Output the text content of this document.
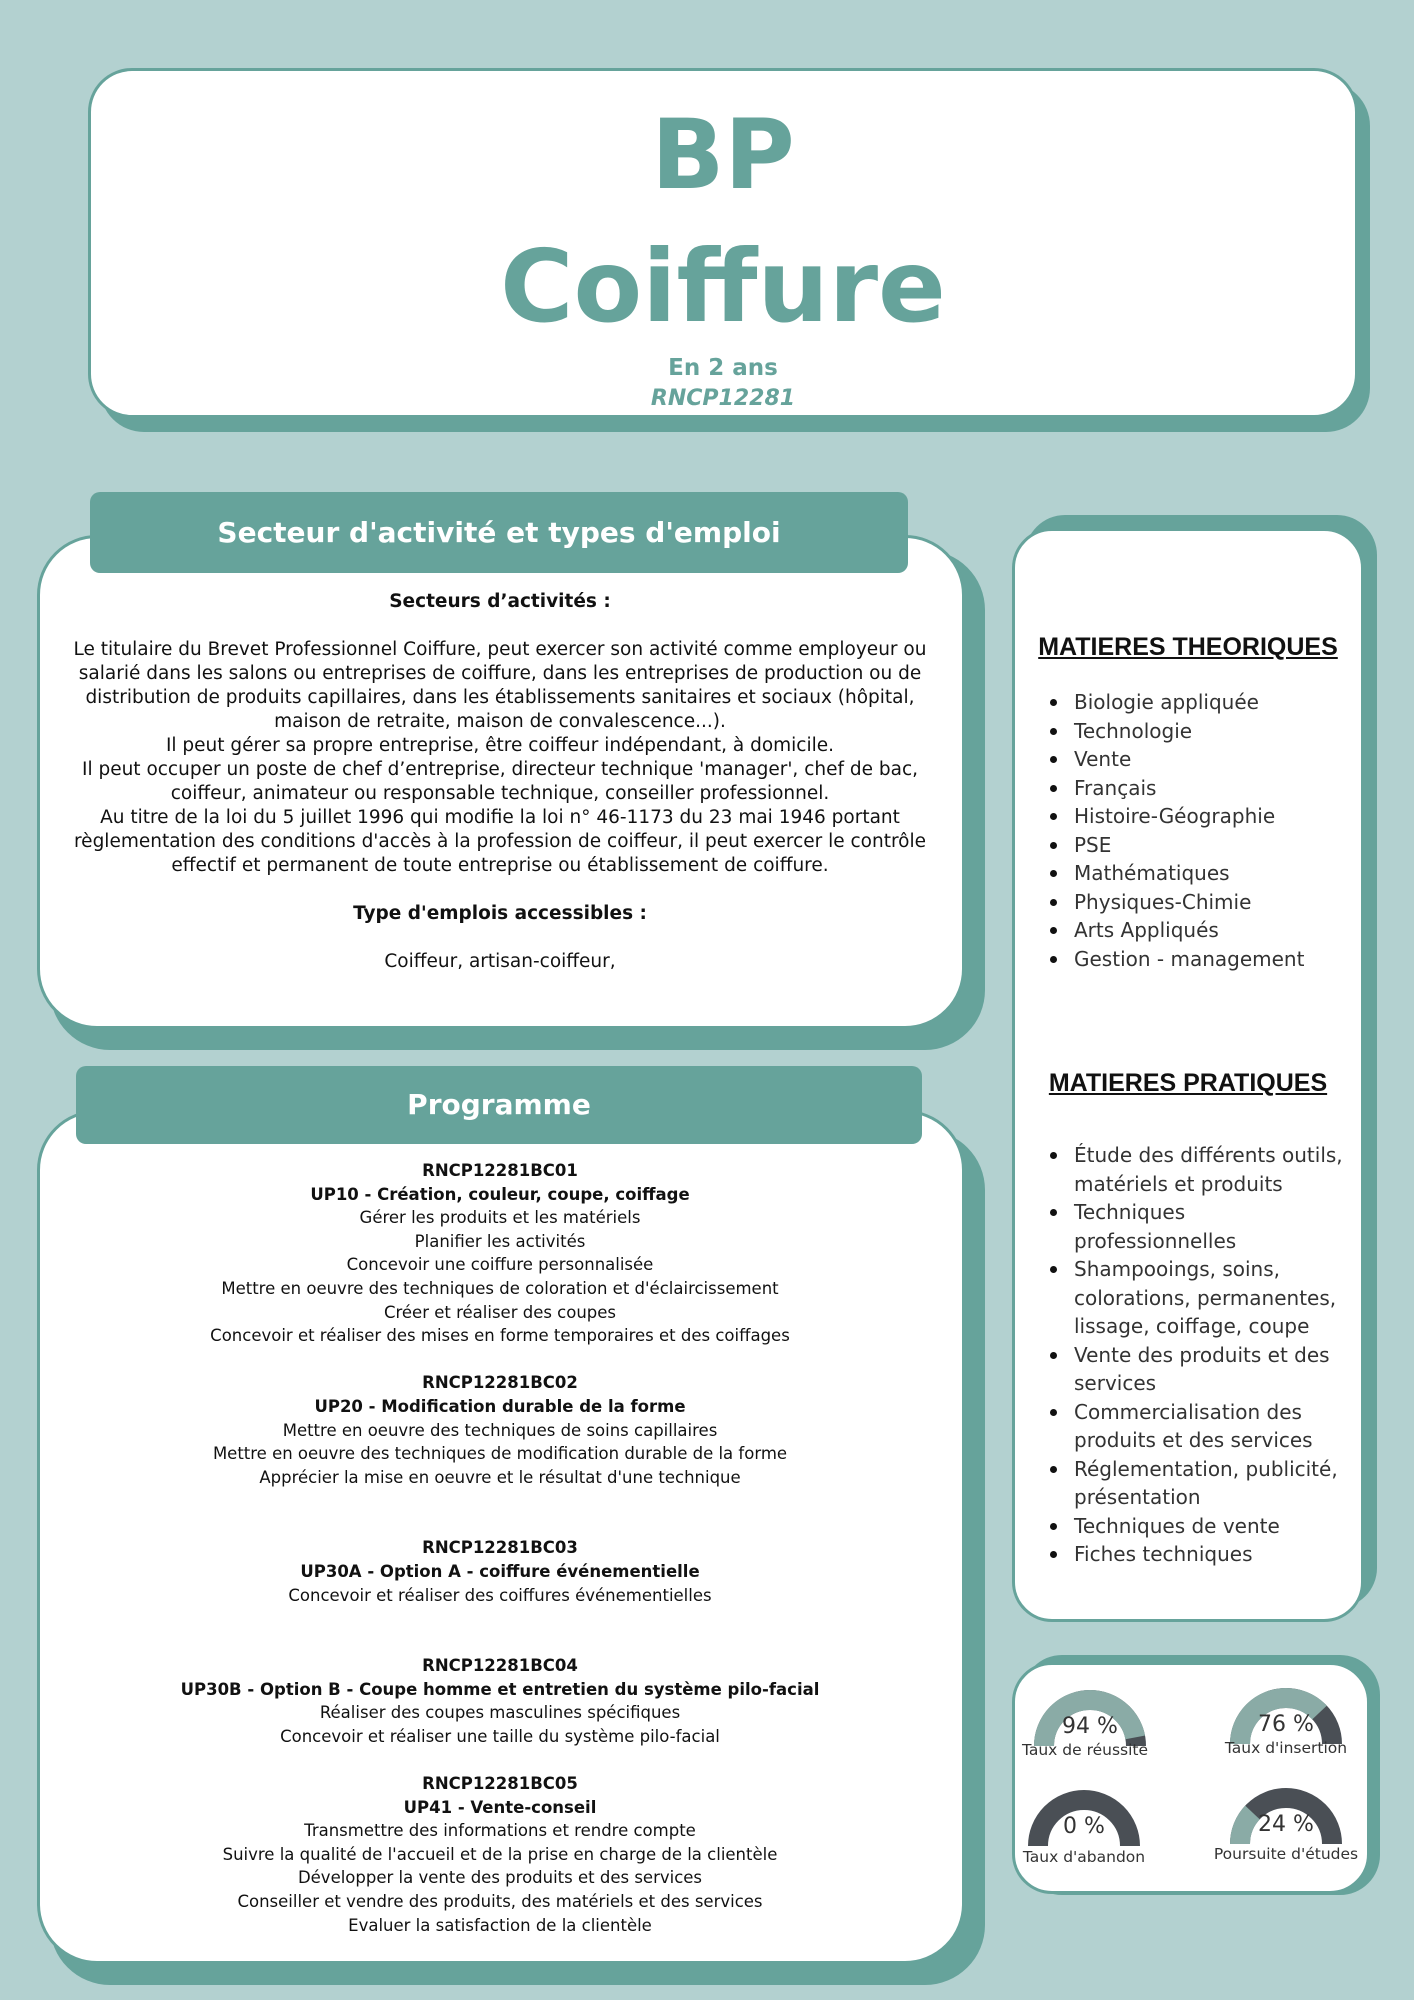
BP
Coiffure
En 2 ans
RNCP12281
Secteur d'activité et types d'emploi

Secteurs d’activités :

Le titulaire du Brevet Professionnel Coiffure, peut exercer son activité comme employeur ou salarié dans les salons ou entreprises de coiffure, dans les entreprises de production ou de distribution de produits capillaires, dans les établissements sanitaires et sociaux (hôpital, maison de retraite, maison de convalescence...).

Il peut gérer sa propre entreprise, être coiffeur indépendant, à domicile.

Il peut occuper un poste de chef d’entreprise, directeur technique 'manager', chef de bac, coiffeur, animateur ou responsable technique, conseiller professionnel.

Au titre de la loi du 5 juillet 1996 qui modifie la loi n° 46-1173 du 23 mai 1946 portant règlementation des conditions d'accès à la profession de coiffeur, il peut exercer le contrôle effectif et permanent de toute entreprise ou établissement de coiffure.

Type d'emplois accessibles :

Coiffeur, artisan-coiffeur,

Programme
RNCP12281BC01
UP10 - Création, couleur, coupe, coiffage
Gérer les produits et les matériels
Planifier les activités
Concevoir une coiffure personnalisée
Mettre en oeuvre des techniques de coloration et d'éclaircissement
Créer et réaliser des coupes
Concevoir et réaliser des mises en forme temporaires et des coiffages
RNCP12281BC02
UP20 - Modification durable de la forme
Mettre en oeuvre des techniques de soins capillaires
Mettre en oeuvre des techniques de modification durable de la forme
Apprécier la mise en oeuvre et le résultat d'une technique
RNCP12281BC03
UP30A - Option A - coiffure événementielle
Concevoir et réaliser des coiffures événementielles
RNCP12281BC04
UP30B - Option B - Coupe homme et entretien du système pilo-facial
Réaliser des coupes masculines spécifiques
Concevoir et réaliser une taille du système pilo-facial
RNCP12281BC05
UP41 - Vente-conseil
Transmettre des informations et rendre compte
Suivre la qualité de l'accueil et de la prise en charge de la clientèle
Développer la vente des produits et des services
Conseiller et vendre des produits, des matériels et des services
Evaluer la satisfaction de la clientèle
MATIERES THEORIQUES
Biologie appliquée
Technologie
Vente
Français
Histoire-Géographie
PSE
Mathématiques
Physiques-Chimie
Arts Appliqués
Gestion - management
MATIERES PRATIQUES
Étude des différents outils, matériels et produits
Techniques professionnelles
Shampooings, soins, colorations, permanentes, lissage, coiffage, coupe
Vente des produits et des services
Commercialisation des produits et des services
Réglementation, publicité, présentation
Techniques de vente
Fiches techniques
94 %
Taux de réussite
76 %
Taux d'insertion
0 %
Taux d'abandon
24 %
Poursuite d'études
